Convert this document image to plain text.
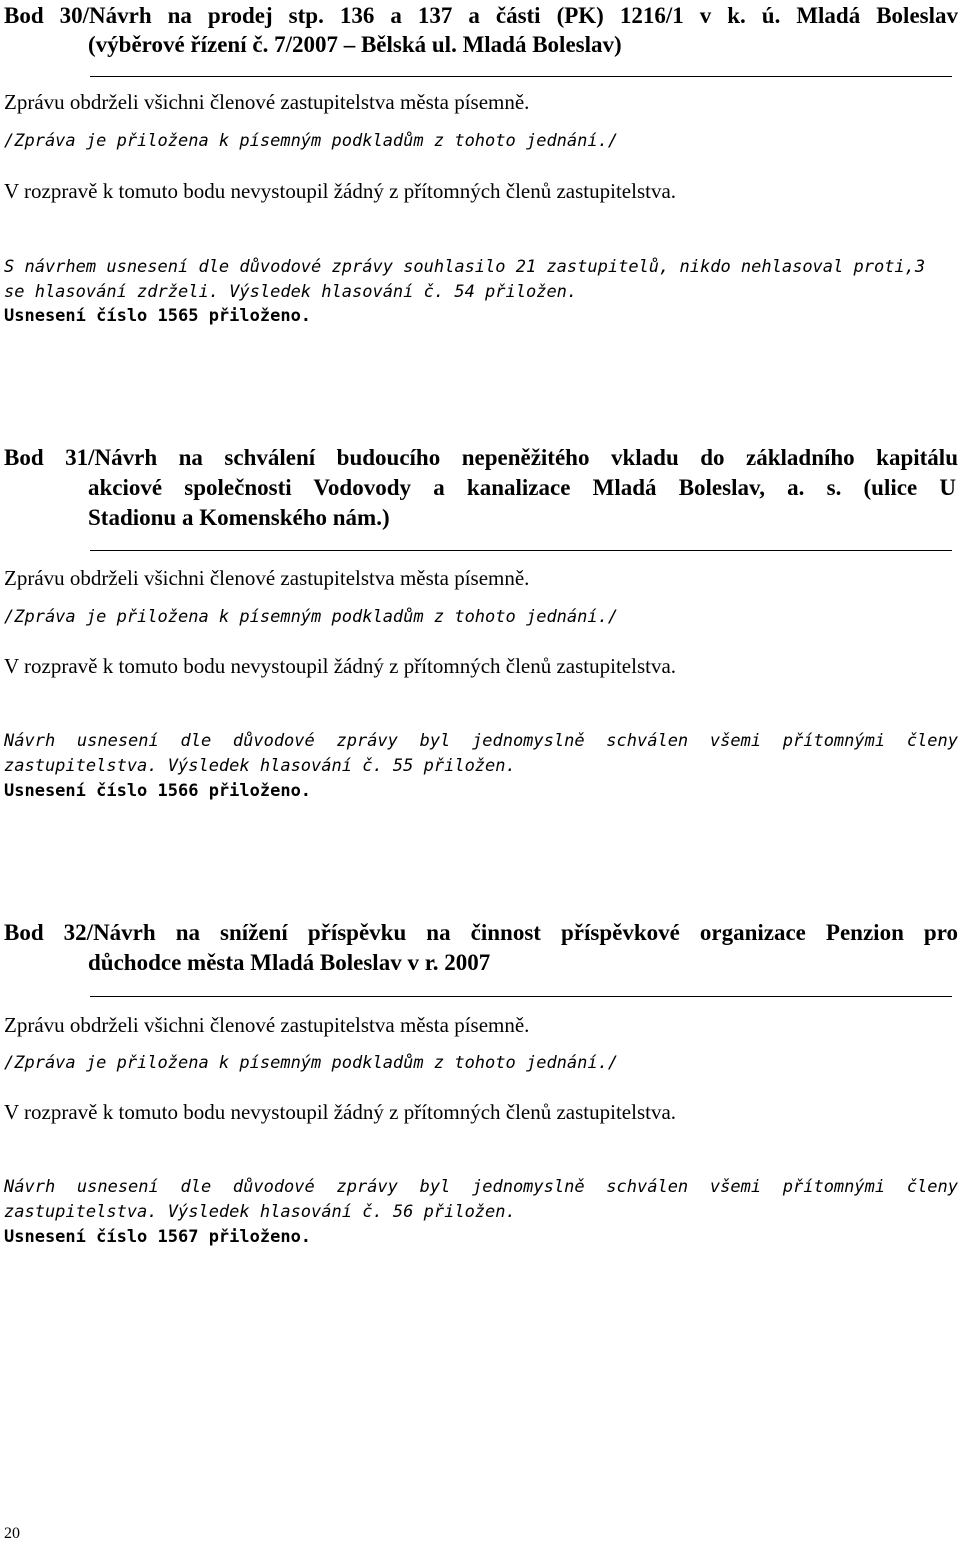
Bod 30/Návrh na prodej stp. 136 a 137 a části (PK) 1216/1 v k. ú. Mladá Boleslav
(výběrové řízení č. 7/2007 – Bělská ul. Mladá Boleslav)
Zprávu obdrželi všichni členové zastupitelstva města písemně.
/Zpráva je přiložena k písemným podkladům z tohoto jednání./
V rozpravě k tomuto bodu nevystoupil žádný z přítomných členů zastupitelstva.
S návrhem usnesení dle důvodové zprávy souhlasilo 21 zastupitelů, nikdo nehlasoval proti,3
se hlasování zdrželi. Výsledek hlasování č. 54 přiložen.
Usnesení číslo 1565 přiloženo.
Bod 31/Návrh na schválení budoucího nepeněžitého vkladu do základního kapitálu
akciové společnosti Vodovody a kanalizace Mladá Boleslav, a. s. (ulice U
Stadionu a Komenského nám.)
Zprávu obdrželi všichni členové zastupitelstva města písemně.
/Zpráva je přiložena k písemným podkladům z tohoto jednání./
V rozpravě k tomuto bodu nevystoupil žádný z přítomných členů zastupitelstva.
Návrh usnesení dle důvodové zprávy byl jednomyslně schválen všemi přítomnými členy
zastupitelstva. Výsledek hlasování č. 55 přiložen.
Usnesení číslo 1566 přiloženo.
Bod 32/Návrh na snížení příspěvku na činnost příspěvkové organizace Penzion pro
důchodce města Mladá Boleslav v r. 2007
Zprávu obdrželi všichni členové zastupitelstva města písemně.
/Zpráva je přiložena k písemným podkladům z tohoto jednání./
V rozpravě k tomuto bodu nevystoupil žádný z přítomných členů zastupitelstva.
Návrh usnesení dle důvodové zprávy byl jednomyslně schválen všemi přítomnými členy
zastupitelstva. Výsledek hlasování č. 56 přiložen.
Usnesení číslo 1567 přiloženo.
20
